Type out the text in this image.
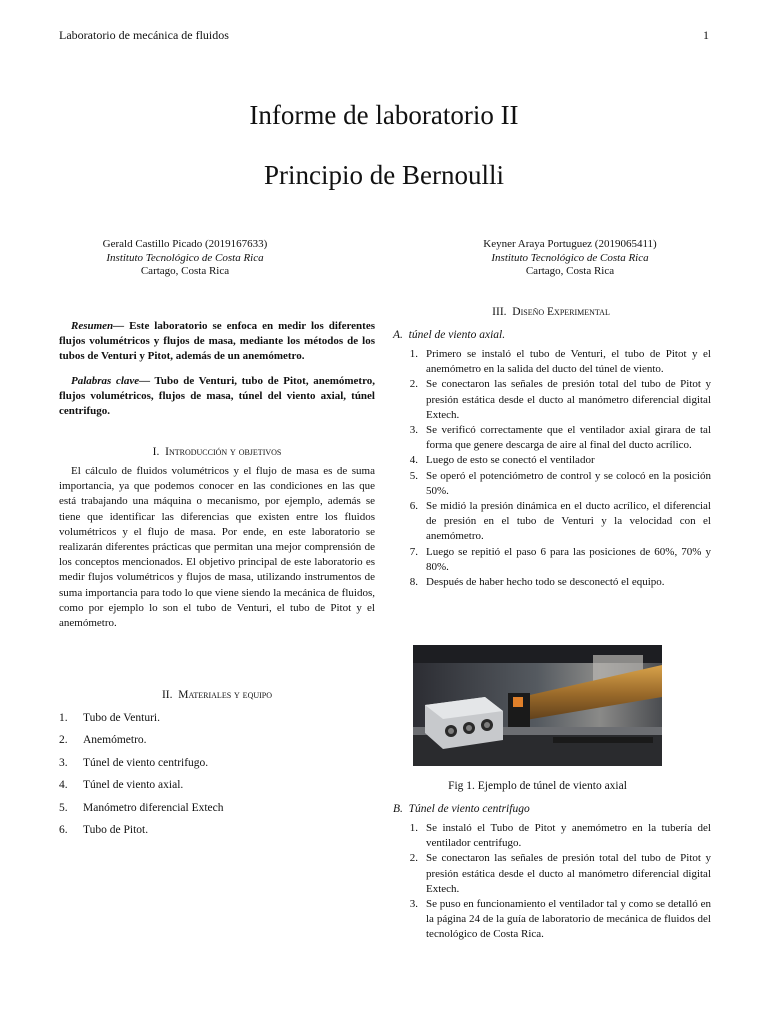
Laboratorio de mecánica de fluidos	1
Informe de laboratorio II
Principio de Bernoulli
Gerald Castillo Picado (2019167633)
Instituto Tecnológico de Costa Rica
Cartago, Costa Rica
Keyner Araya Portuguez (2019065411)
Instituto Tecnológico de Costa Rica
Cartago, Costa Rica
Resumen— Este laboratorio se enfoca en medir los diferentes flujos volumétricos y flujos de masa, mediante los métodos de los tubos de Venturi y Pitot, además de un anemómetro.
Palabras clave— Tubo de Venturi, tubo de Pitot, anemómetro, flujos volumétricos, flujos de masa, túnel del viento axial, túnel centrifugo.
I. Introducción y objetivos
El cálculo de fluidos volumétricos y el flujo de masa es de suma importancia, ya que podemos conocer en las condiciones en las que está trabajando una máquina o mecanismo, por ejemplo, además se tiene que identificar las diferencias que existen entre los fluidos volumétricos y el flujo de masa. Por ende, en este laboratorio se realizarán diferentes prácticas que permitan una mejor comprensión de los conceptos mencionados. El objetivo principal de este laboratorio es medir flujos volumétricos y flujos de masa, utilizando instrumentos de suma importancia para todo lo que viene siendo la mecánica de fluidos, como por ejemplo lo son el tubo de Venturi, el tubo de Pitot y el anemómetro.
II. Materiales y equipo
1.	Tubo de Venturi.
2.	Anemómetro.
3.	Túnel de viento centrifugo.
4.	Túnel de viento axial.
5.	Manómetro diferencial Extech
6.	Tubo de Pitot.
III. Diseño Experimental
A. túnel de viento axial.
1. Primero se instaló el tubo de Venturi, el tubo de Pitot y el anemómetro en la salida del ducto del túnel de viento.
2. Se conectaron las señales de presión total del tubo de Pitot y presión estática desde el ducto al manómetro diferencial digital Extech.
3. Se verificó correctamente que el ventilador axial girara de tal forma que genere descarga de aire al final del ducto acrílico.
4. Luego de esto se conectó el ventilador
5. Se operó el potenciómetro de control y se colocó en la posición 50%.
6. Se midió la presión dinámica en el ducto acrílico, el diferencial de presión en el tubo de Venturi y la velocidad con el anemómetro.
7. Luego se repitió el paso 6 para las posiciones de 60%, 70% y 80%.
8. Después de haber hecho todo se desconectó el equipo.
Fig 1. Ejemplo de túnel de viento axial
B. Túnel de viento centrifugo
1. Se instaló el Tubo de Pitot y anemómetro en la tubería del ventilador centrifugo.
2. Se conectaron las señales de presión total del tubo de Pitot y presión estática desde el ducto al manómetro diferencial digital Extech.
3. Se puso en funcionamiento el ventilador tal y como se detalló en la página 24 de la guía de laboratorio de mecánica de fluidos del tecnológico de Costa Rica.
